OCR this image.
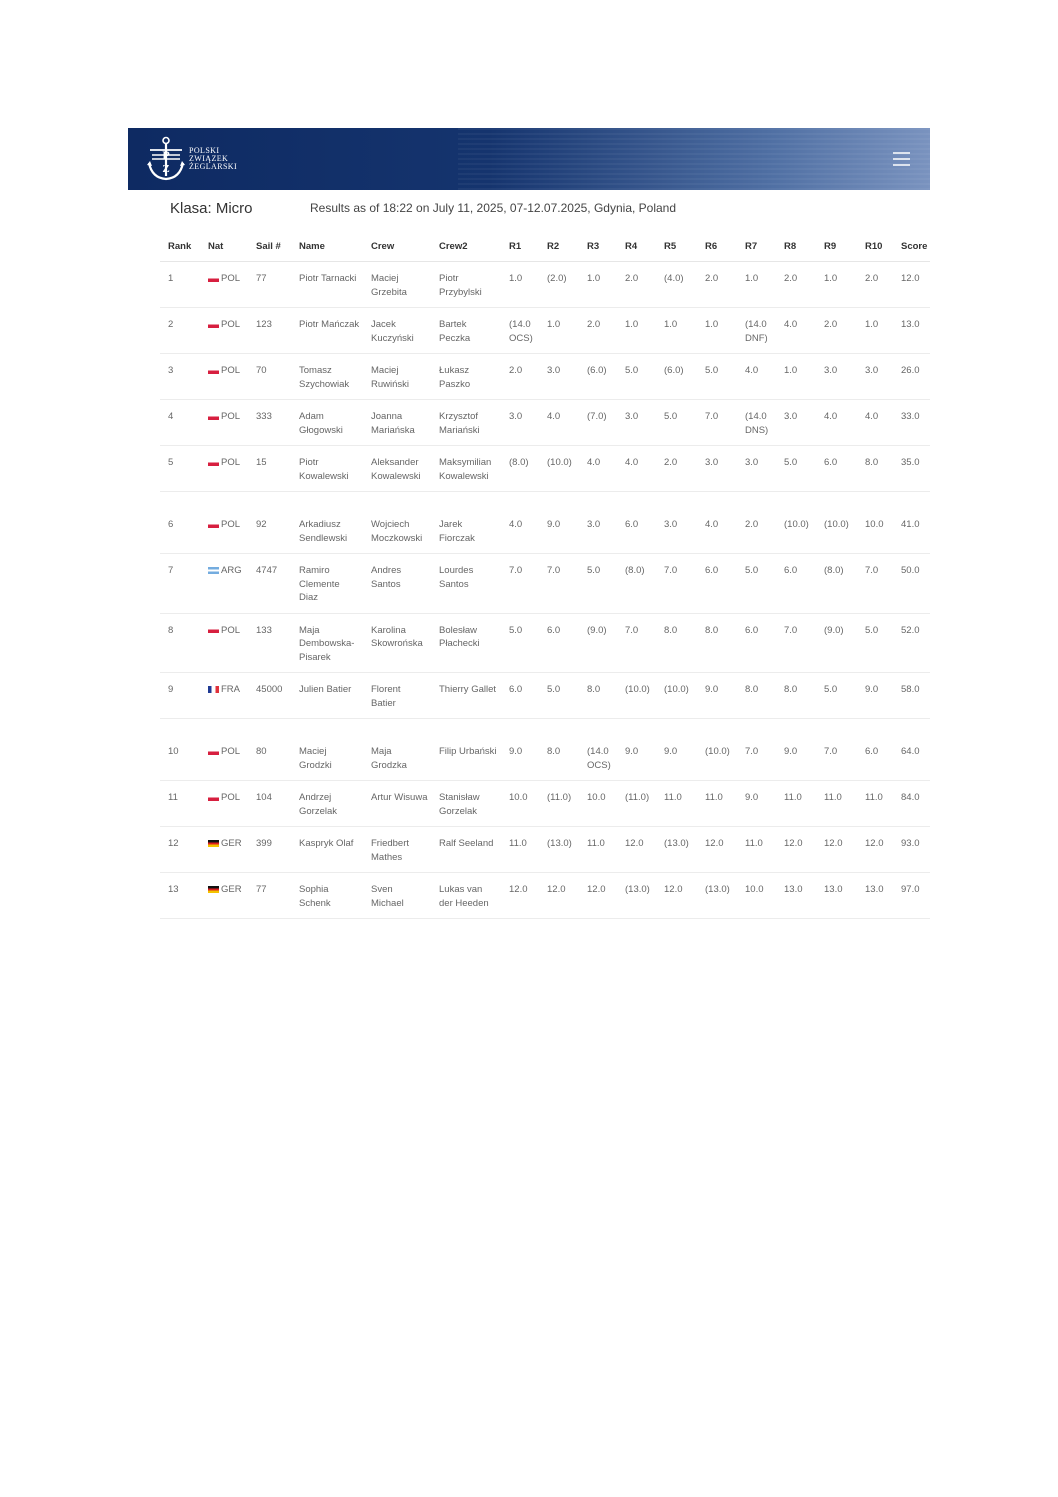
P
Z
POLSKI
ZWIĄZEK
ŻEGLARSKI
Klasa: Micro	Results as of 18:22 on July 11, 2025, 07-12.07.2025, Gdynia, Poland
Rank	Nat	Sail #	Name	Crew	Crew2	R1	R2	R3	R4	R5	R6	R7	R8	R9	R10	Score
1	POL	77	Piotr Tarnacki	Maciej Grzebita	Piotr Przybylski	1.0	(2.0)	1.0	2.0	(4.0)	2.0	1.0	2.0	1.0	2.0	12.0
2	POL	123	Piotr Mańczak	Jacek Kuczyński	Bartek Peczka	(14.0 OCS)	1.0	2.0	1.0	1.0	1.0	(14.0 DNF)	4.0	2.0	1.0	13.0
3	POL	70	Tomasz Szychowiak	Maciej Ruwiński	Łukasz Paszko	2.0	3.0	(6.0)	5.0	(6.0)	5.0	4.0	1.0	3.0	3.0	26.0
4	POL	333	Adam Głogowski	Joanna Mariańska	Krzysztof Mariański	3.0	4.0	(7.0)	3.0	5.0	7.0	(14.0 DNS)	3.0	4.0	4.0	33.0
5	POL	15	Piotr Kowalewski	Aleksander Kowalewski	Maksymilian Kowalewski	(8.0)	(10.0)	4.0	4.0	2.0	3.0	3.0	5.0	6.0	8.0	35.0
6	POL	92	Arkadiusz Sendlewski	Wojciech Moczkowski	Jarek Fiorczak	4.0	9.0	3.0	6.0	3.0	4.0	2.0	(10.0)	(10.0)	10.0	41.0
7	ARG	4747	Ramiro Clemente Diaz	Andres Santos	Lourdes Santos	7.0	7.0	5.0	(8.0)	7.0	6.0	5.0	6.0	(8.0)	7.0	50.0
8	POL	133	Maja Dembowska-Pisarek	Karolina Skowrońska	Bolesław Płachecki	5.0	6.0	(9.0)	7.0	8.0	8.0	6.0	7.0	(9.0)	5.0	52.0
9	FRA	45000	Julien Batier	Florent Batier	Thierry Gallet	6.0	5.0	8.0	(10.0)	(10.0)	9.0	8.0	8.0	5.0	9.0	58.0
10	POL	80	Maciej Grodzki	Maja Grodzka	Filip Urbański	9.0	8.0	(14.0 OCS)	9.0	9.0	(10.0)	7.0	9.0	7.0	6.0	64.0
11	POL	104	Andrzej Gorzelak	Artur Wisuwa	Stanisław Gorzelak	10.0	(11.0)	10.0	(11.0)	11.0	11.0	9.0	11.0	11.0	11.0	84.0
12	GER	399	Kaspryk Olaf	Friedbert Mathes	Ralf Seeland	11.0	(13.0)	11.0	12.0	(13.0)	12.0	11.0	12.0	12.0	12.0	93.0
13	GER	77	Sophia Schenk	Sven Michael	Lukas van der Heeden	12.0	12.0	12.0	(13.0)	12.0	(13.0)	10.0	13.0	13.0	13.0	97.0
